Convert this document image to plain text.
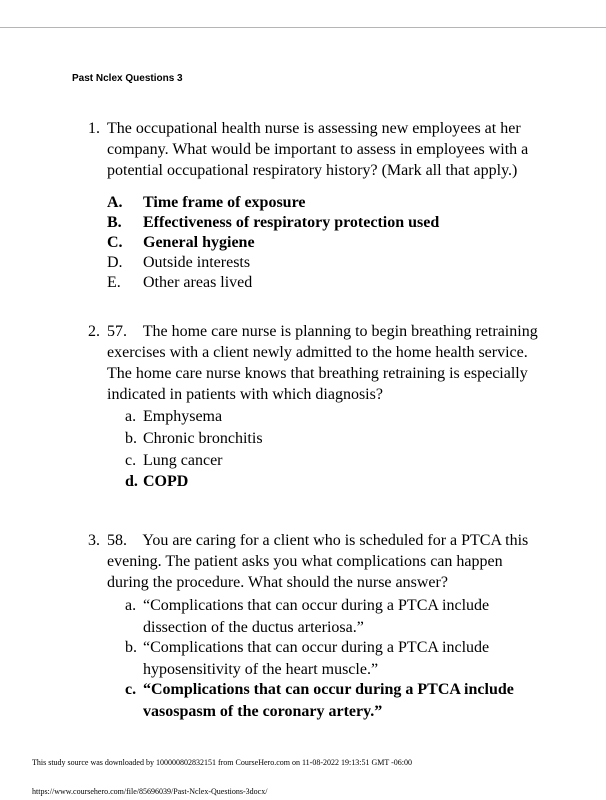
Past Nclex Questions 3
1. The occupational health nurse is assessing new employees at her company. What would be important to assess in employees with a potential occupational respiratory history? (Mark all that apply.)
A. Time frame of exposure
B. Effectiveness of respiratory protection used
C. General hygiene
D. Outside interests
E. Other areas lived
2. 57.    The home care nurse is planning to begin breathing retraining exercises with a client newly admitted to the home health service. The home care nurse knows that breathing retraining is especially indicated in patients with which diagnosis?
a. Emphysema
b. Chronic bronchitis
c. Lung cancer
d. COPD
3. 58.    You are caring for a client who is scheduled for a PTCA this evening. The patient asks you what complications can happen during the procedure. What should the nurse answer?
a. “Complications that can occur during a PTCA include dissection of the ductus arteriosa.”
b. “Complications that can occur during a PTCA include hyposensitivity of the heart muscle.”
c. “Complications that can occur during a PTCA include vasospasm of the coronary artery.”
This study source was downloaded by 100000802832151 from CourseHero.com on 11-08-2022 19:13:51 GMT -06:00
https://www.coursehero.com/file/85696039/Past-Nclex-Questions-3docx/
